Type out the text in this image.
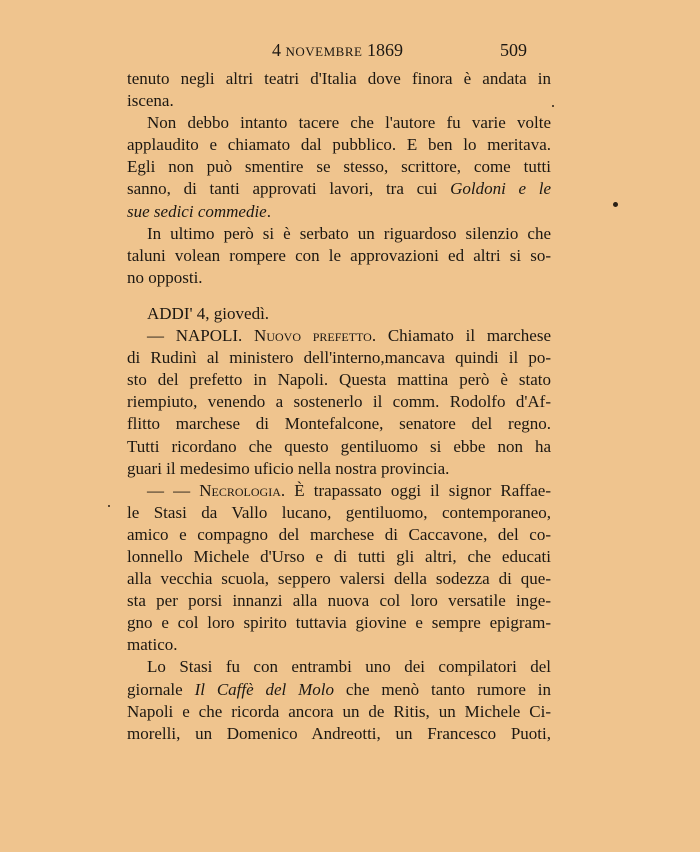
4 NOVEMBRE 1869	509
tenuto negli altri teatri d'Italia dove finora è andata in
iscena.
Non debbo intanto tacere che l'autore fu varie volte
applaudito e chiamato dal pubblico. E ben lo meritava.
Egli non può smentire se stesso, scrittore, come tutti
sanno, di tanti approvati lavori, tra cui Goldoni e le
sue sedici commedie.
In ultimo però si è serbato un riguardoso silenzio che
taluni volean rompere con le approvazioni ed altri si so-
no opposti.
ADDI' 4, giovedì.
— NAPOLI. Nuovo prefetto. Chiamato il marchese
di Rudinì al ministero dell'interno,mancava quindi il po-
sto del prefetto in Napoli. Questa mattina però è stato
riempiuto, venendo a sostenerlo il comm. Rodolfo d'Af-
flitto marchese di Montefalcone, senatore del regno.
Tutti ricordano che questo gentiluomo si ebbe non ha
guari il medesimo uficio nella nostra provincia.
— — Necrologia. È trapassato oggi il signor Raffae-
le Stasi da Vallo lucano, gentiluomo, contemporaneo,
amico e compagno del marchese di Caccavone, del co-
lonnello Michele d'Urso e di tutti gli altri, che educati
alla vecchia scuola, seppero valersi della sodezza di que-
sta per porsi innanzi alla nuova col loro versatile inge-
gno e col loro spirito tuttavia giovine e sempre epigram-
matico.
Lo Stasi fu con entrambi uno dei compilatori del
giornale Il Caffè del Molo che menò tanto rumore in
Napoli e che ricorda ancora un de Ritis, un Michele Ci-
morelli, un Domenico Andreotti, un Francesco Puoti,
